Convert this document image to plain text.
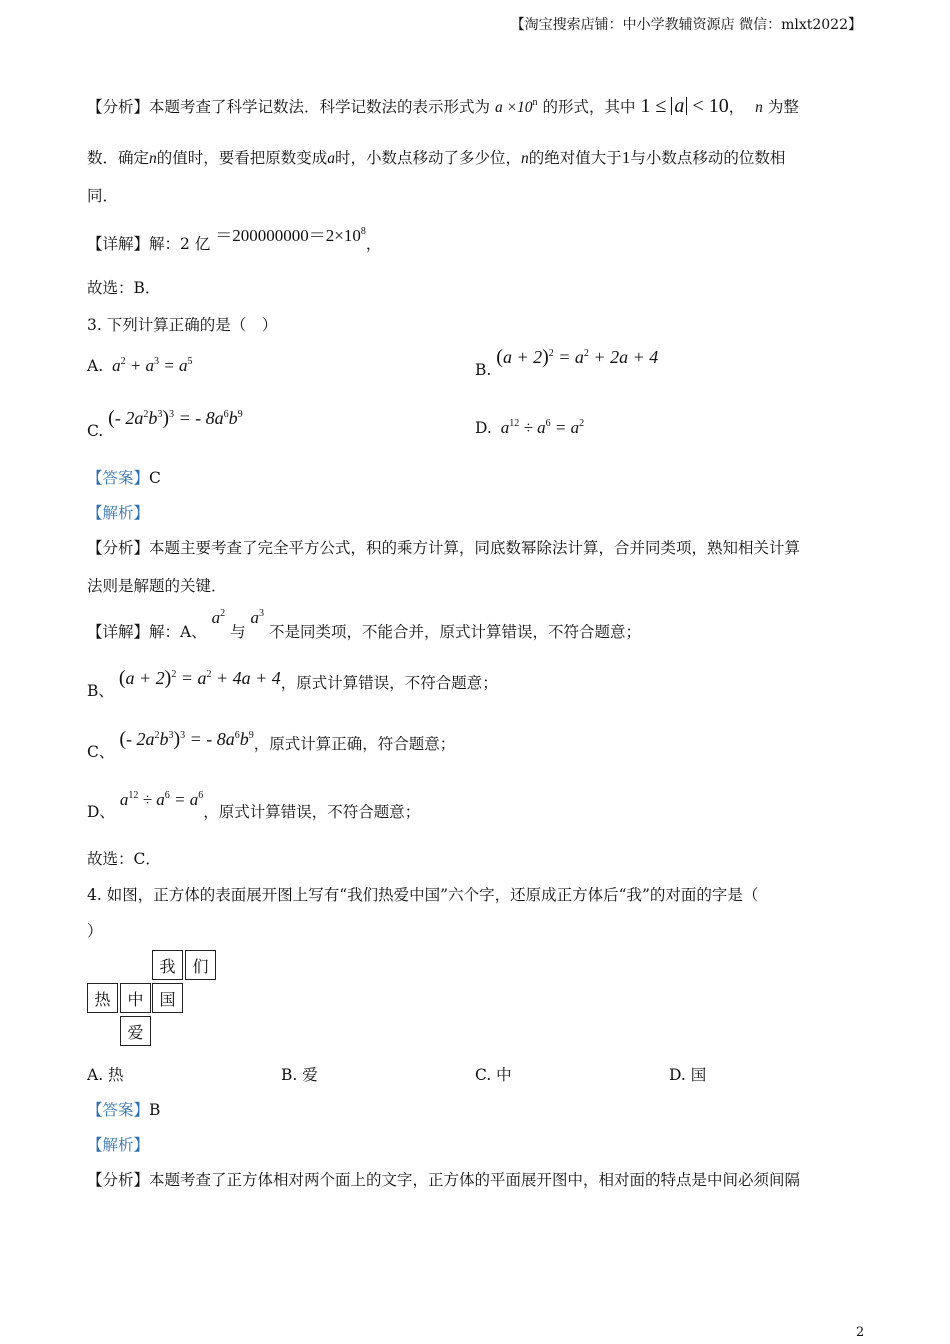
【淘宝搜索店铺：中小学教辅资源店 微信：mlxt2022】
【分析】本题考查了科学记数法．科学记数法的表示形式为 $a \times 10^n$ 的形式，其中 1 ≤ a < 10， n 为整
数．确定n的值时，要看把原数变成a时，小数点移动了多少位，n的绝对值大于1与小数点移动的位数相
同．
【详解】解：2 亿 $=200000000=2\times 10^8$，
故选：B．
3. 下列计算正确的是（　）
A. $a^2 + a^3 = a^5$	B. $(a + 2)^2 = a^2 + 2a + 4$
C. (- $2a^2b^3)^3$ = - $8a^6b^9$
D. $a^{12} \div a^6 = a^2$
【答案】C
【解析】
【分析】本题主要考查了完全平方公式，积的乘方计算，同底数幂除法计算，合并同类项，熟知相关计算
法则是解题的关键．
【详解】解：A、 $a^2$ 与 $a^3$ 不是同类项，不能合并，原式计算错误，不符合题意；
B、 $(a + 2)^2 = a^2 + 4a + 4$，原式计算错误，不符合题意；
C、 (- $2a^2b^3)^3$ = - $8a^6b^9$，原式计算正确，符合题意；
D、 $a^{12} \div a^6 = a^6$，原式计算错误，不符合题意；
故选：C．
4. 如图，正方体的表面展开图上写有“我们热爱中国”六个字，还原成正方体后“我”的对面的字是（
）
我	们
热	中 国
爱
A. 热	B. 爱	C. 中	D. 国
【答案】B
【解析】
【分析】本题考查了正方体相对两个面上的文字，正方体的平面展开图中，相对面的特点是中间必须间隔
2
